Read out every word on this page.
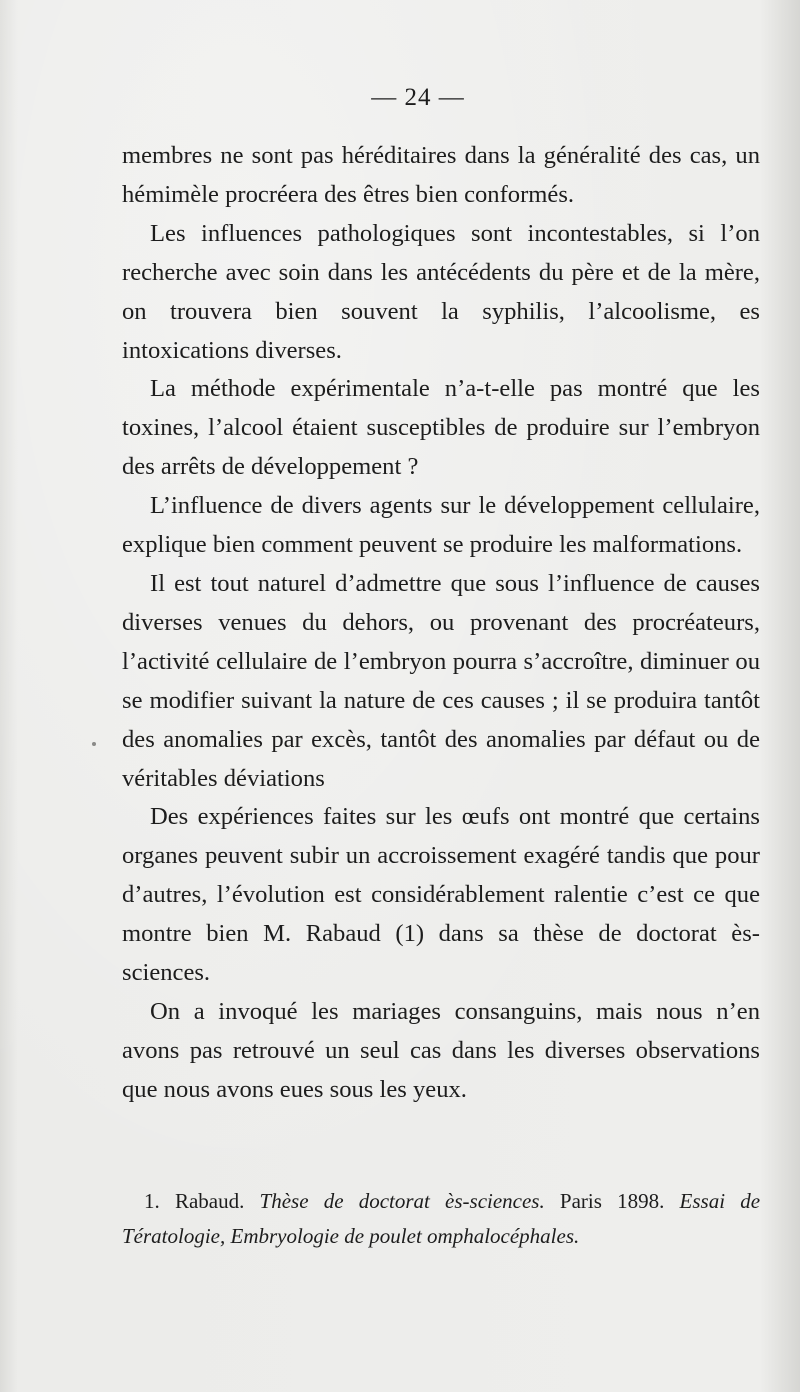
— 24 —

membres ne sont pas héréditaires dans la généralité des cas, un hémimèle procréera des êtres bien conformés.

Les influences pathologiques sont incontestables, si l’on recherche avec soin dans les antécédents du père et de la mère, on trouvera bien souvent la syphilis, l’alcoolisme, es intoxications diverses.

La méthode expérimentale n’a-t-elle pas montré que les toxines, l’alcool étaient susceptibles de produire sur l’embryon des arrêts de développement ?

L’influence de divers agents sur le développement cellulaire, explique bien comment peuvent se produire les malformations.

Il est tout naturel d’admettre que sous l’influence de causes diverses venues du dehors, ou provenant des procréateurs, l’activité cellulaire de l’embryon pourra s’accroître, diminuer ou se modifier suivant la nature de ces causes ; il se produira tantôt des anomalies par excès, tantôt des anomalies par défaut ou de véritables déviations

Des expériences faites sur les œufs ont montré que certains organes peuvent subir un accroissement exagéré tandis que pour d’autres, l’évolution est considérablement ralentie c’est ce que montre bien M. Rabaud (1) dans sa thèse de doctorat ès-sciences.

On a invoqué les mariages consanguins, mais nous n’en avons pas retrouvé un seul cas dans les diverses observations que nous avons eues sous les yeux.

1. Rabaud. Thèse de doctorat ès-sciences. Paris 1898. Essai de Tératologie, Embryologie de poulet omphalocéphales.
